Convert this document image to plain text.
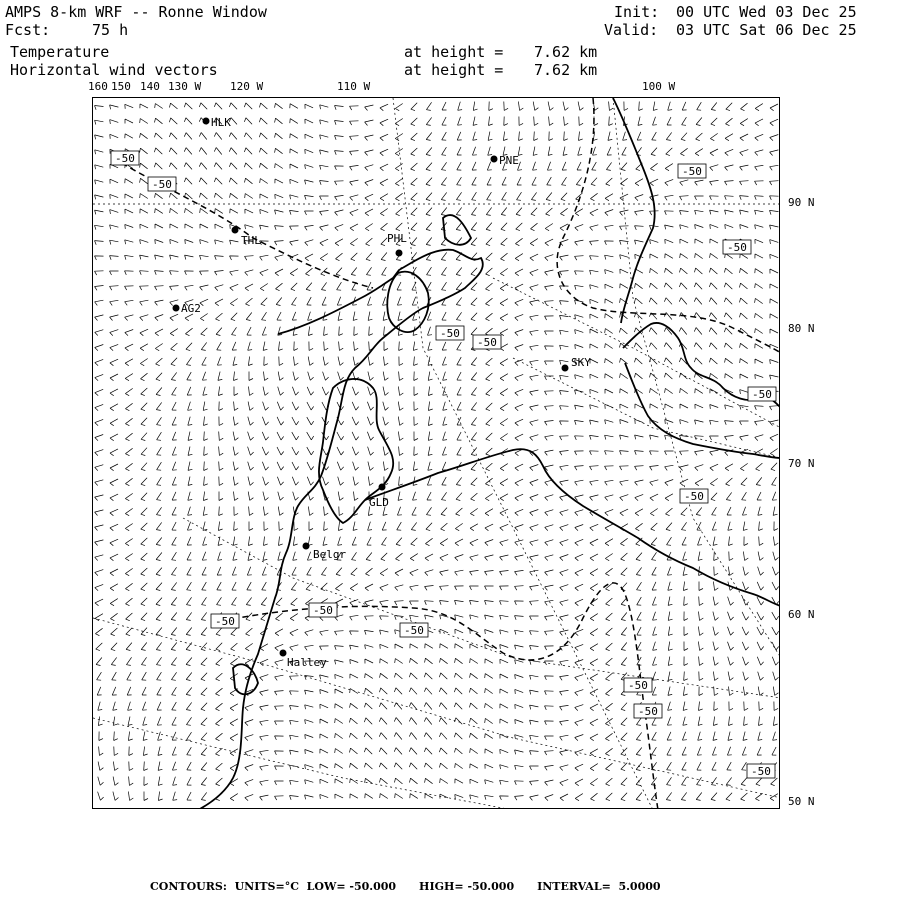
AMPS 8-km WRF -- Ronne Window
Fcst:	75 h
Init: 00 UTC Wed 03 Dec 25
Valid: 03 UTC Sat 06 Dec 25
Temperature	at height = 7.62 km
Horizontal wind vectors	at height = 7.62 km
160 150 140 130 W	120 W	110 W	100 W
90 N
80 N
70 N
60 N
50 N
HLK
PNE
THL	PHL
AG2
SKY
GLD
Belgr
Halley
-50
-50
-50
-50
-50
-50
-50
-50
-50
-50
-50
-50
-50
-50
CONTOURS: UNITS=°C LOW= -50.000 HIGH= -50.000 INTERVAL= 5.0000
